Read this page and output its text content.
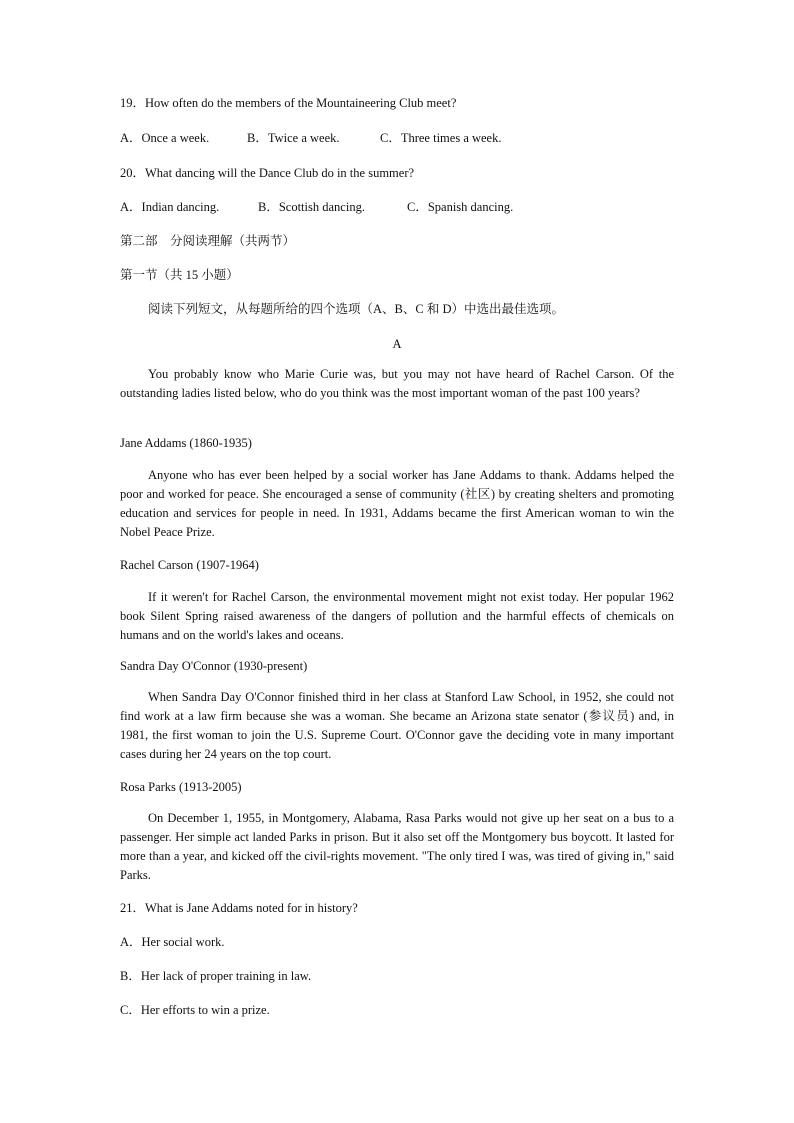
19．How often do the members of the Mountaineering Club meet?

A．Once a week.	B．Twice a week.	C．Three times a week.

20．What dancing will the Dance Club do in the summer?

A．Indian dancing.	B．Scottish dancing.	C．Spanish dancing.

第二部　分阅读理解（共两节）

第一节（共 15 小题）

阅读下列短文，从每题所给的四个选项（A、B、C 和 D）中选出最佳选项。

A

You probably know who Marie Curie was, but you may not have heard of Rachel Carson. Of the outstanding ladies listed below, who do you think was the most important woman of the past 100 years?

Jane Addams (1860-1935)

Anyone who has ever been helped by a social worker has Jane Addams to thank. Addams helped the poor and worked for peace. She encouraged a sense of community (社区) by creating shelters and promoting education and services for people in need. In 1931, Addams became the first American woman to win the Nobel Peace Prize.

Rachel Carson (1907-1964)

If it weren't for Rachel Carson, the environmental movement might not exist today. Her popular 1962 book Silent Spring raised awareness of the dangers of pollution and the harmful effects of chemicals on humans and on the world's lakes and oceans.

Sandra Day O'Connor (1930-present)

When Sandra Day O'Connor finished third in her class at Stanford Law School, in 1952, she could not find work at a law firm because she was a woman. She became an Arizona state senator (参议员) and, in 1981, the first woman to join the U.S. Supreme Court. O'Connor gave the deciding vote in many important cases during her 24 years on the top court.

Rosa Parks (1913-2005)

On December 1, 1955, in Montgomery, Alabama, Rasa Parks would not give up her seat on a bus to a passenger. Her simple act landed Parks in prison. But it also set off the Montgomery bus boycott. It lasted for more than a year, and kicked off the civil-rights movement. "The only tired I was, was tired of giving in," said Parks.

21．What is Jane Addams noted for in history?

A．Her social work.

B．Her lack of proper training in law.

C．Her efforts to win a prize.
